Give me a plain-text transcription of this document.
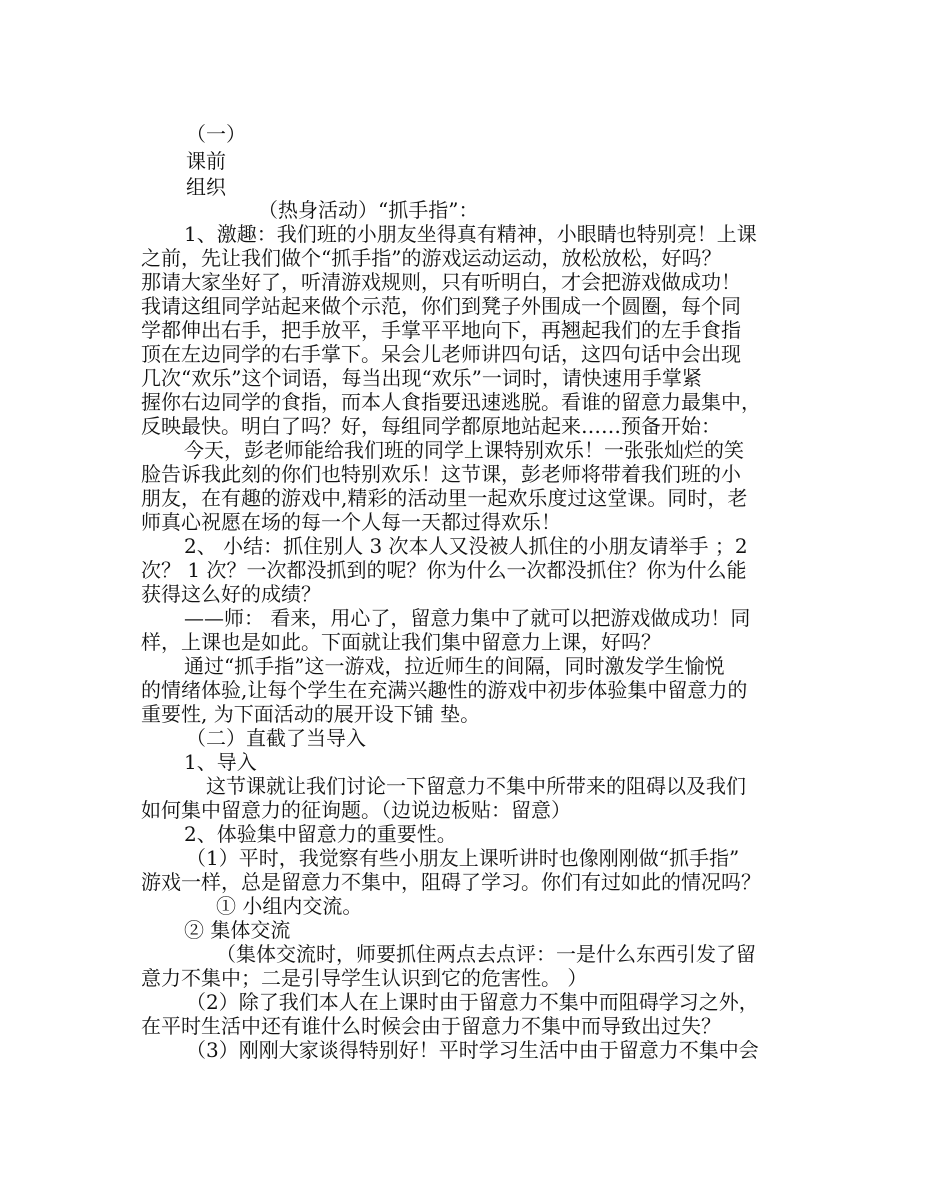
（一）
课前
组织
（热身活动）“抓手指”：
1、激趣：我们班的小朋友坐得真有精神，小眼睛也特别亮！上课
之前，先让我们做个“抓手指”的游戏运动运动，放松放松，好吗？
那请大家坐好了，听清游戏规则，只有听明白，才会把游戏做成功！
我请这组同学站起来做个示范，你们到凳子外围成一个圆圈，每个同
学都伸出右手，把手放平，手掌平平地向下，再翘起我们的左手食指
顶在左边同学的右手掌下。呆会儿老师讲四句话，这四句话中会出现
几次“欢乐”这个词语，每当出现“欢乐”一词时，请快速用手掌紧
握你右边同学的食指，而本人食指要迅速逃脱。看谁的留意力最集中，
反映最快。明白了吗？好，每组同学都原地站起来……预备开始：
今天，彭老师能给我们班的同学上课特别欢乐！一张张灿烂的笑
脸告诉我此刻的你们也特别欢乐！这节课，彭老师将带着我们班的小
朋友，在有趣的游戏中,精彩的活动里一起欢乐度过这堂课。同时，老
师真心祝愿在场的每一个人每一天都过得欢乐！
2、 小结：抓住别人 3 次本人又没被人抓住的小朋友请举手 ；2
次？ 1 次？一次都没抓到的呢？你为什么一次都没抓住？你为什么能
获得这么好的成绩？
——师： 看来，用心了，留意力集中了就可以把游戏做成功！同
样，上课也是如此。下面就让我们集中留意力上课，好吗？
通过“抓手指”这一游戏，拉近师生的间隔，同时激发学生愉悦
的情绪体验,让每个学生在充满兴趣性的游戏中初步体验集中留意力的
重要性, 为下面活动的展开设下铺 垫。
（二）直截了当导入
1、导入
这节课就让我们讨论一下留意力不集中所带来的阻碍以及我们
如何集中留意力的征询题。（边说边板贴：留意）
2、体验集中留意力的重要性。
（1）平时，我觉察有些小朋友上课听讲时也像刚刚做“抓手指”
游戏一样，总是留意力不集中，阻碍了学习。你们有过如此的情况吗？
① 小组内交流。
② 集体交流
（集体交流时，师要抓住两点去点评：一是什么东西引发了留
意力不集中；二是引导学生认识到它的危害性。 ）
（2）除了我们本人在上课时由于留意力不集中而阻碍学习之外，
在平时生活中还有谁什么时候会由于留意力不集中而导致出过失？
（3）刚刚大家谈得特别好！平时学习生活中由于留意力不集中会
